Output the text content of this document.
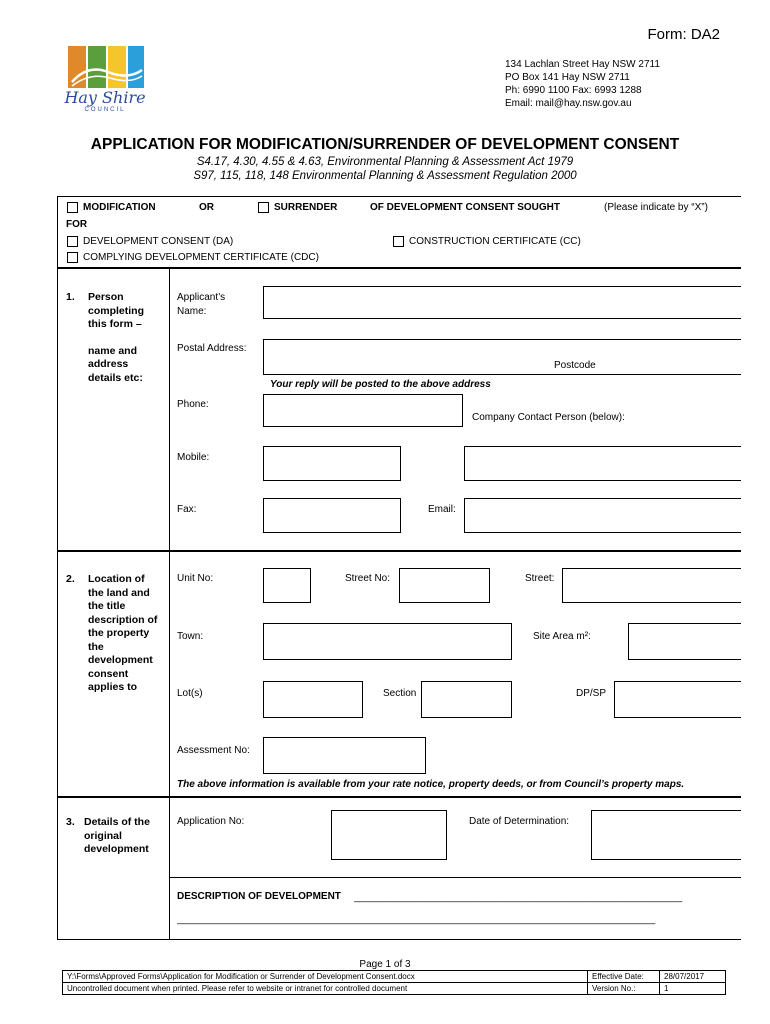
Form: DA2
Hay Shire
COUNCIL
134 Lachlan Street Hay NSW 2711
PO Box 141 Hay NSW 2711
Ph: 6990 1100 Fax: 6993 1288
Email: mail@hay.nsw.gov.au
APPLICATION FOR MODIFICATION/SURRENDER OF DEVELOPMENT CONSENT
S4.17, 4.30, 4.55 & 4.63, Environmental Planning & Assessment Act 1979
S97, 115, 118, 148 Environmental Planning & Assessment Regulation 2000
MODIFICATION	OR	SURRENDER	OF DEVELOPMENT CONSENT SOUGHT	(Please indicate by “X”)
FOR
DEVELOPMENT CONSENT (DA)	CONSTRUCTION CERTIFICATE (CC)
COMPLYING DEVELOPMENT CERTIFICATE (CDC)
1. Person
completing
this form –
name and
address
details etc:
Applicant’s
Name:
Postal Address:
Postcode
Your reply will be posted to the above address
Phone:
Company Contact Person (below):
Mobile:
Fax:	Email:
2. Location of
the land and
the title
description of
the property
the
development
consent
applies to
Unit No:	Street No:	Street:
Town:	Site Area m²:
Lot(s)	Section	DP/SP
Assessment No:
The above information is available from your rate notice, property deeds, or from Council’s property maps.
3. Details of the
original
development
Application No:	Date of Determination:
DESCRIPTION OF DEVELOPMENT ___________________________________________________________
______________________________________________________________________________________
Page 1 of 3
Y:\Forms\Approved Forms\Application for Modification or Surrender of Development Consent.docx	Effective Date:	28/07/2017
Uncontrolled document when printed. Please refer to website or intranet for controlled document	Version No.:	1
